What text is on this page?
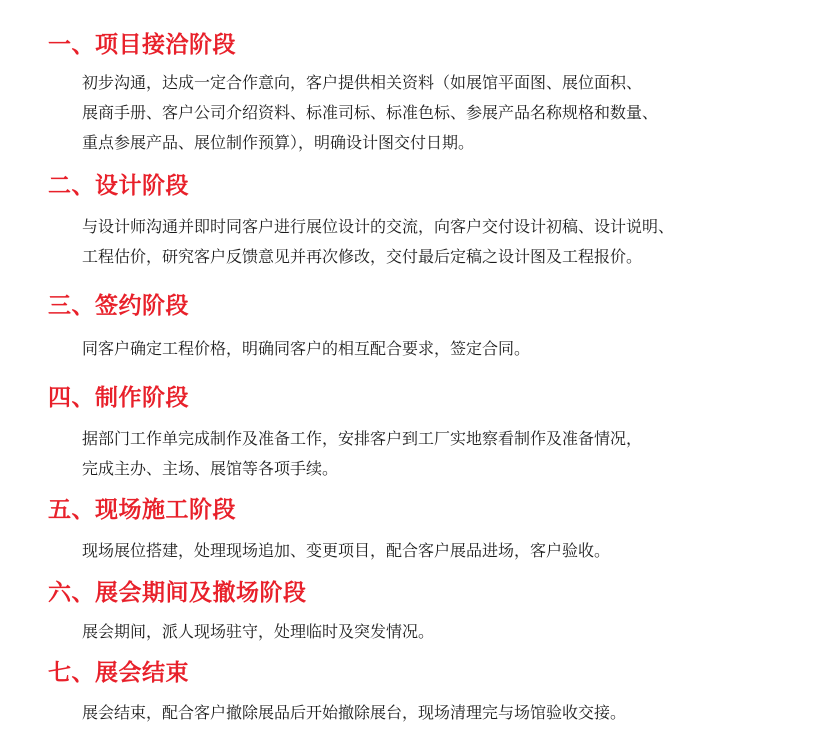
一、项目接洽阶段
初步沟通，达成一定合作意向，客户提供相关资料（如展馆平面图、展位面积、
展商手册、客户公司介绍资料、标准司标、标准色标、参展产品名称规格和数量、
重点参展产品、展位制作预算），明确设计图交付日期。
二、设计阶段
与设计师沟通并即时同客户进行展位设计的交流，向客户交付设计初稿、设计说明、
工程估价，研究客户反馈意见并再次修改，交付最后定稿之设计图及工程报价。
三、签约阶段
同客户确定工程价格，明确同客户的相互配合要求，签定合同。
四、制作阶段
据部门工作单完成制作及准备工作，安排客户到工厂实地察看制作及准备情况，
完成主办、主场、展馆等各项手续。
五、现场施工阶段
现场展位搭建，处理现场追加、变更项目，配合客户展品进场，客户验收。
六、展会期间及撤场阶段
展会期间，派人现场驻守，处理临时及突发情况。
七、展会结束
展会结束，配合客户撤除展品后开始撤除展台，现场清理完与场馆验收交接。
